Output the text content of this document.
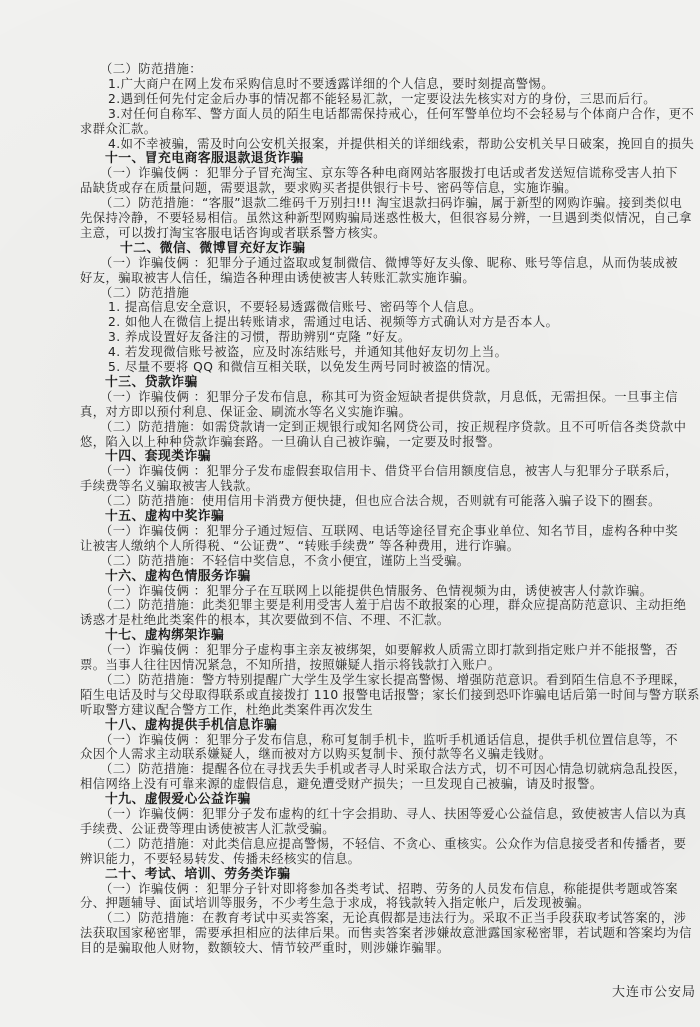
（二）防范措施：
1.广大商户在网上发布采购信息时不要透露详细的个人信息，要时刻提高警惕。
2.遇到任何先付定金后办事的情况都不能轻易汇款，一定要设法先核实对方的身份，三思而后行。
3.对任何自称军、警方面人员的陌生电话都需保持戒心，任何军警单位均不会轻易与个体商户合作，更不
求群众汇款。
4.如不幸被骗，需及时向公安机关报案，并提供相关的详细线索，帮助公安机关早日破案，挽回自的损失
十一、冒充电商客服退款退货诈骗
（一）诈骗伎俩 ：犯罪分子冒充淘宝、京东等各种电商网站客服拨打电话或者发送短信谎称受害人拍下
品缺货或存在质量问题，需要退款，要求购买者提供银行卡号、密码等信息，实施诈骗。
（二）防范措施：“客服”退款二维码千万别扫!!! 淘宝退款扫码诈骗，属于新型的网购诈骗。接到类似电
先保持冷静，不要轻易相信。虽然这种新型网购骗局迷惑性极大，但很容易分辨，一旦遇到类似情况，自己拿
主意，可以拨打淘宝客服电话咨询或者联系警方核实。
十二、微信、微博冒充好友诈骗
（一）诈骗伎俩 ：犯罪分子通过盗取或复制微信、微博等好友头像、昵称、账号等信息，从而伪装成被
好友，骗取被害人信任，编造各种理由诱使被害人转账汇款实施诈骗。
（二）防范措施
1. 提高信息安全意识，不要轻易透露微信账号、密码等个人信息。
2. 如他人在微信上提出转账请求，需通过电话、视频等方式确认对方是否本人。
3. 养成设置好友备注的习惯，帮助辨别“克隆 ”好友。
4. 若发现微信账号被盗，应及时冻结账号，并通知其他好友切勿上当。
5. 尽量不要将 QQ 和微信互相关联，以免发生两号同时被盗的情况。
十三、贷款诈骗
（一）诈骗伎俩 ：犯罪分子发布信息，称其可为资金短缺者提供贷款，月息低，无需担保。一旦事主信
真，对方即以预付利息、保证金、刷流水等名义实施诈骗。
（二）防范措施：如需贷款请一定到正规银行或知名网贷公司，按正规程序贷款。且不可听信各类贷款中
悠，陷入以上种种贷款诈骗套路。一旦确认自己被诈骗，一定要及时报警。
十四、套现类诈骗
（一）诈骗伎俩 ：犯罪分子发布虚假套取信用卡、借贷平台信用额度信息，被害人与犯罪分子联系后，
手续费等名义骗取被害人钱款。
（二）防范措施：使用信用卡消费方便快捷，但也应合法合规，否则就有可能落入骗子设下的圈套。
十五、虚构中奖诈骗
（一）诈骗伎俩 ：犯罪分子通过短信、互联网、电话等途径冒充企事业单位、知名节目，虚构各种中奖
让被害人缴纳个人所得税、“公证费”、“转账手续费” 等各种费用，进行诈骗。
（二）防范措施：不轻信中奖信息，不贪小便宜，谨防上当受骗。
十六、虚构色情服务诈骗
（一）诈骗伎俩 ：犯罪分子在互联网上以能提供色情服务、色情视频为由，诱使被害人付款诈骗。
（二）防范措施：此类犯罪主要是利用受害人羞于启齿不敢报案的心理，群众应提高防范意识、主动拒绝
诱惑才是杜绝此类案件的根本，其次要做到不信、不理、不汇款。
十七、虚构绑架诈骗
（一）诈骗伎俩 ：犯罪分子虚构事主亲友被绑架，如要解救人质需立即打款到指定账户并不能报警，否
票。当事人往往因情况紧急，不知所措，按照嫌疑人指示将钱款打入账户。
（二）防范措施：警方特别提醒广大学生及学生家长提高警惕、增强防范意识。看到陌生信息不予理睬，
陌生电话及时与父母取得联系或直接拨打 110 报警电话报警；家长们接到恐吓诈骗电话后第一时间与警方联系
听取警方建议配合警方工作，杜绝此类案件再次发生
十八、虚构提供手机信息诈骗
（一）诈骗伎俩 ：犯罪分子发布信息，称可复制手机卡，监听手机通话信息，提供手机位置信息等，不
众因个人需求主动联系嫌疑人，继而被对方以购买复制卡、预付款等名义骗走钱财。
（二）防范措施：提醒各位在寻找丢失手机或者寻人时采取合法方式，切不可因心情急切就病急乱投医，
相信网络上没有可靠来源的虚假信息，避免遭受财产损失；一旦发现自己被骗，请及时报警。
十九、虚假爱心公益诈骗
（一）诈骗伎俩：犯罪分子发布虚构的红十字会捐助、寻人、扶困等爱心公益信息，致使被害人信以为真
手续费、公证费等理由诱使被害人汇款受骗。
（二）防范措施：对此类信息应提高警惕，不轻信、不贪心、重核实。公众作为信息接受者和传播者，要
辨识能力，不要轻易转发、传播未经核实的信息。
二十、考试、培训、劳务类诈骗
（一）诈骗伎俩 ：犯罪分子针对即将参加各类考试、招聘、劳务的人员发布信息，称能提供考题或答案
分、押题辅导、面试培训等服务，不少考生急于求成，将钱款转入指定帐户，后发现被骗。
（二）防范措施：在教育考试中买卖答案，无论真假都是违法行为。采取不正当手段获取考试答案的，涉
法获取国家秘密罪，需要承担相应的法律后果。而售卖答案者涉嫌故意泄露国家秘密罪，若试题和答案均为信
目的是骗取他人财物，数额较大、情节较严重时，则涉嫌诈骗罪。
大连市公安局
